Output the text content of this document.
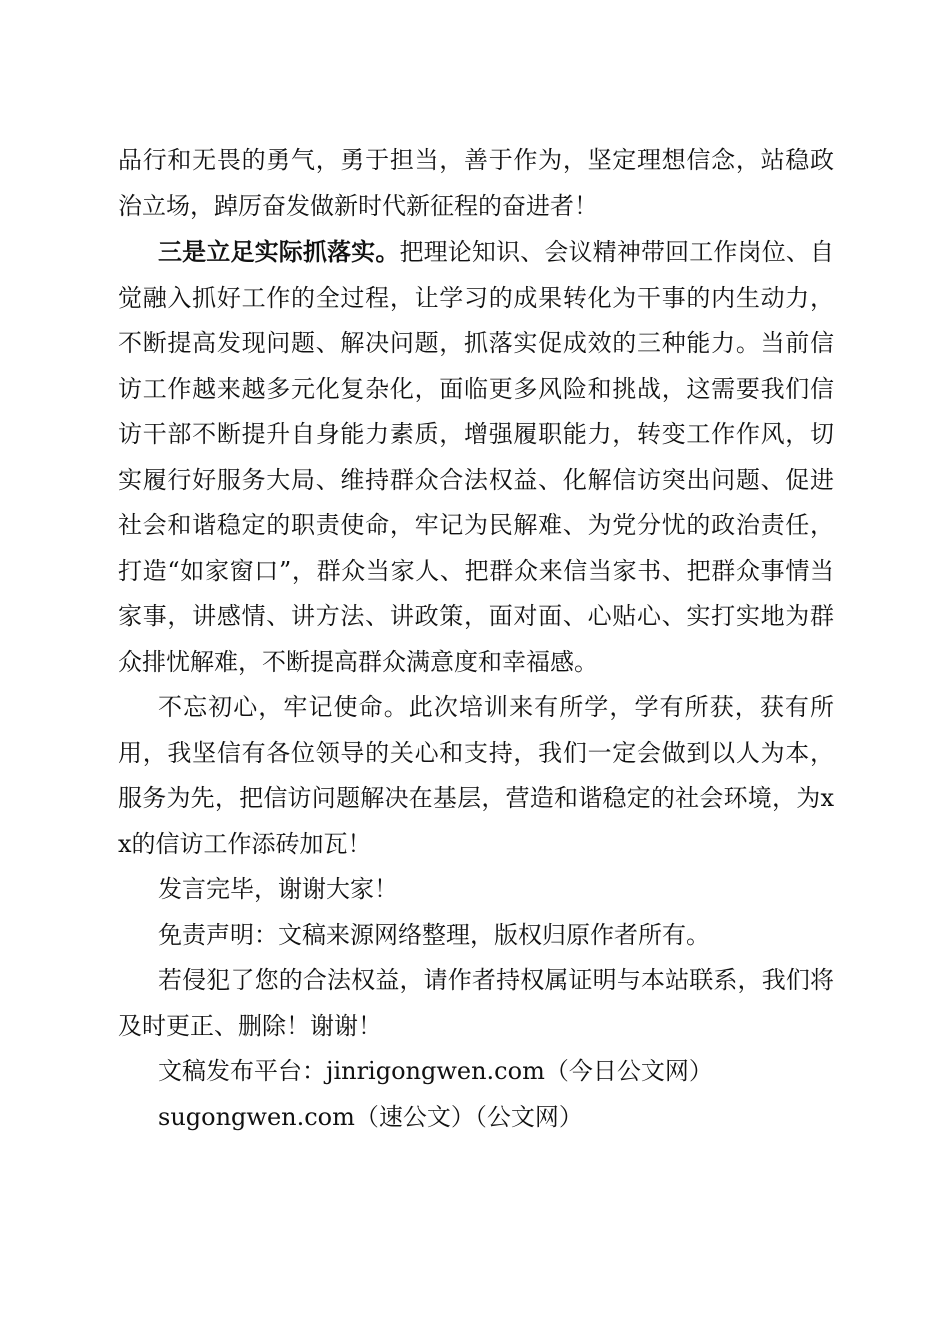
品行和无畏的勇气，勇于担当，善于作为，坚定理想信念，站稳政治立场，踔厉奋发做新时代新征程的奋进者！

三是立足实际抓落实。把理论知识、会议精神带回工作岗位、自觉融入抓好工作的全过程，让学习的成果转化为干事的内生动力，不断提高发现问题、解决问题，抓落实促成效的三种能力。当前信访工作越来越多元化复杂化，面临更多风险和挑战，这需要我们信访干部不断提升自身能力素质，增强履职能力，转变工作作风，切实履行好服务大局、维持群众合法权益、化解信访突出问题、促进社会和谐稳定的职责使命，牢记为民解难、为党分忧的政治责任，打造“如家窗口”，群众当家人、把群众来信当家书、把群众事情当家事，讲感情、讲方法、讲政策，面对面、心贴心、实打实地为群众排忧解难，不断提高群众满意度和幸福感。

不忘初心，牢记使命。此次培训来有所学，学有所获，获有所用，我坚信有各位领导的关心和支持，我们一定会做到以人为本，服务为先，把信访问题解决在基层，营造和谐稳定的社会环境，为xx的信访工作添砖加瓦！

发言完毕，谢谢大家！

免责声明：文稿来源网络整理，版权归原作者所有。

若侵犯了您的合法权益，请作者持权属证明与本站联系，我们将及时更正、删除！谢谢！

文稿发布平台：jinrigongwen.com（今日公文网）

sugongwen.com（速公文）（公文网）
